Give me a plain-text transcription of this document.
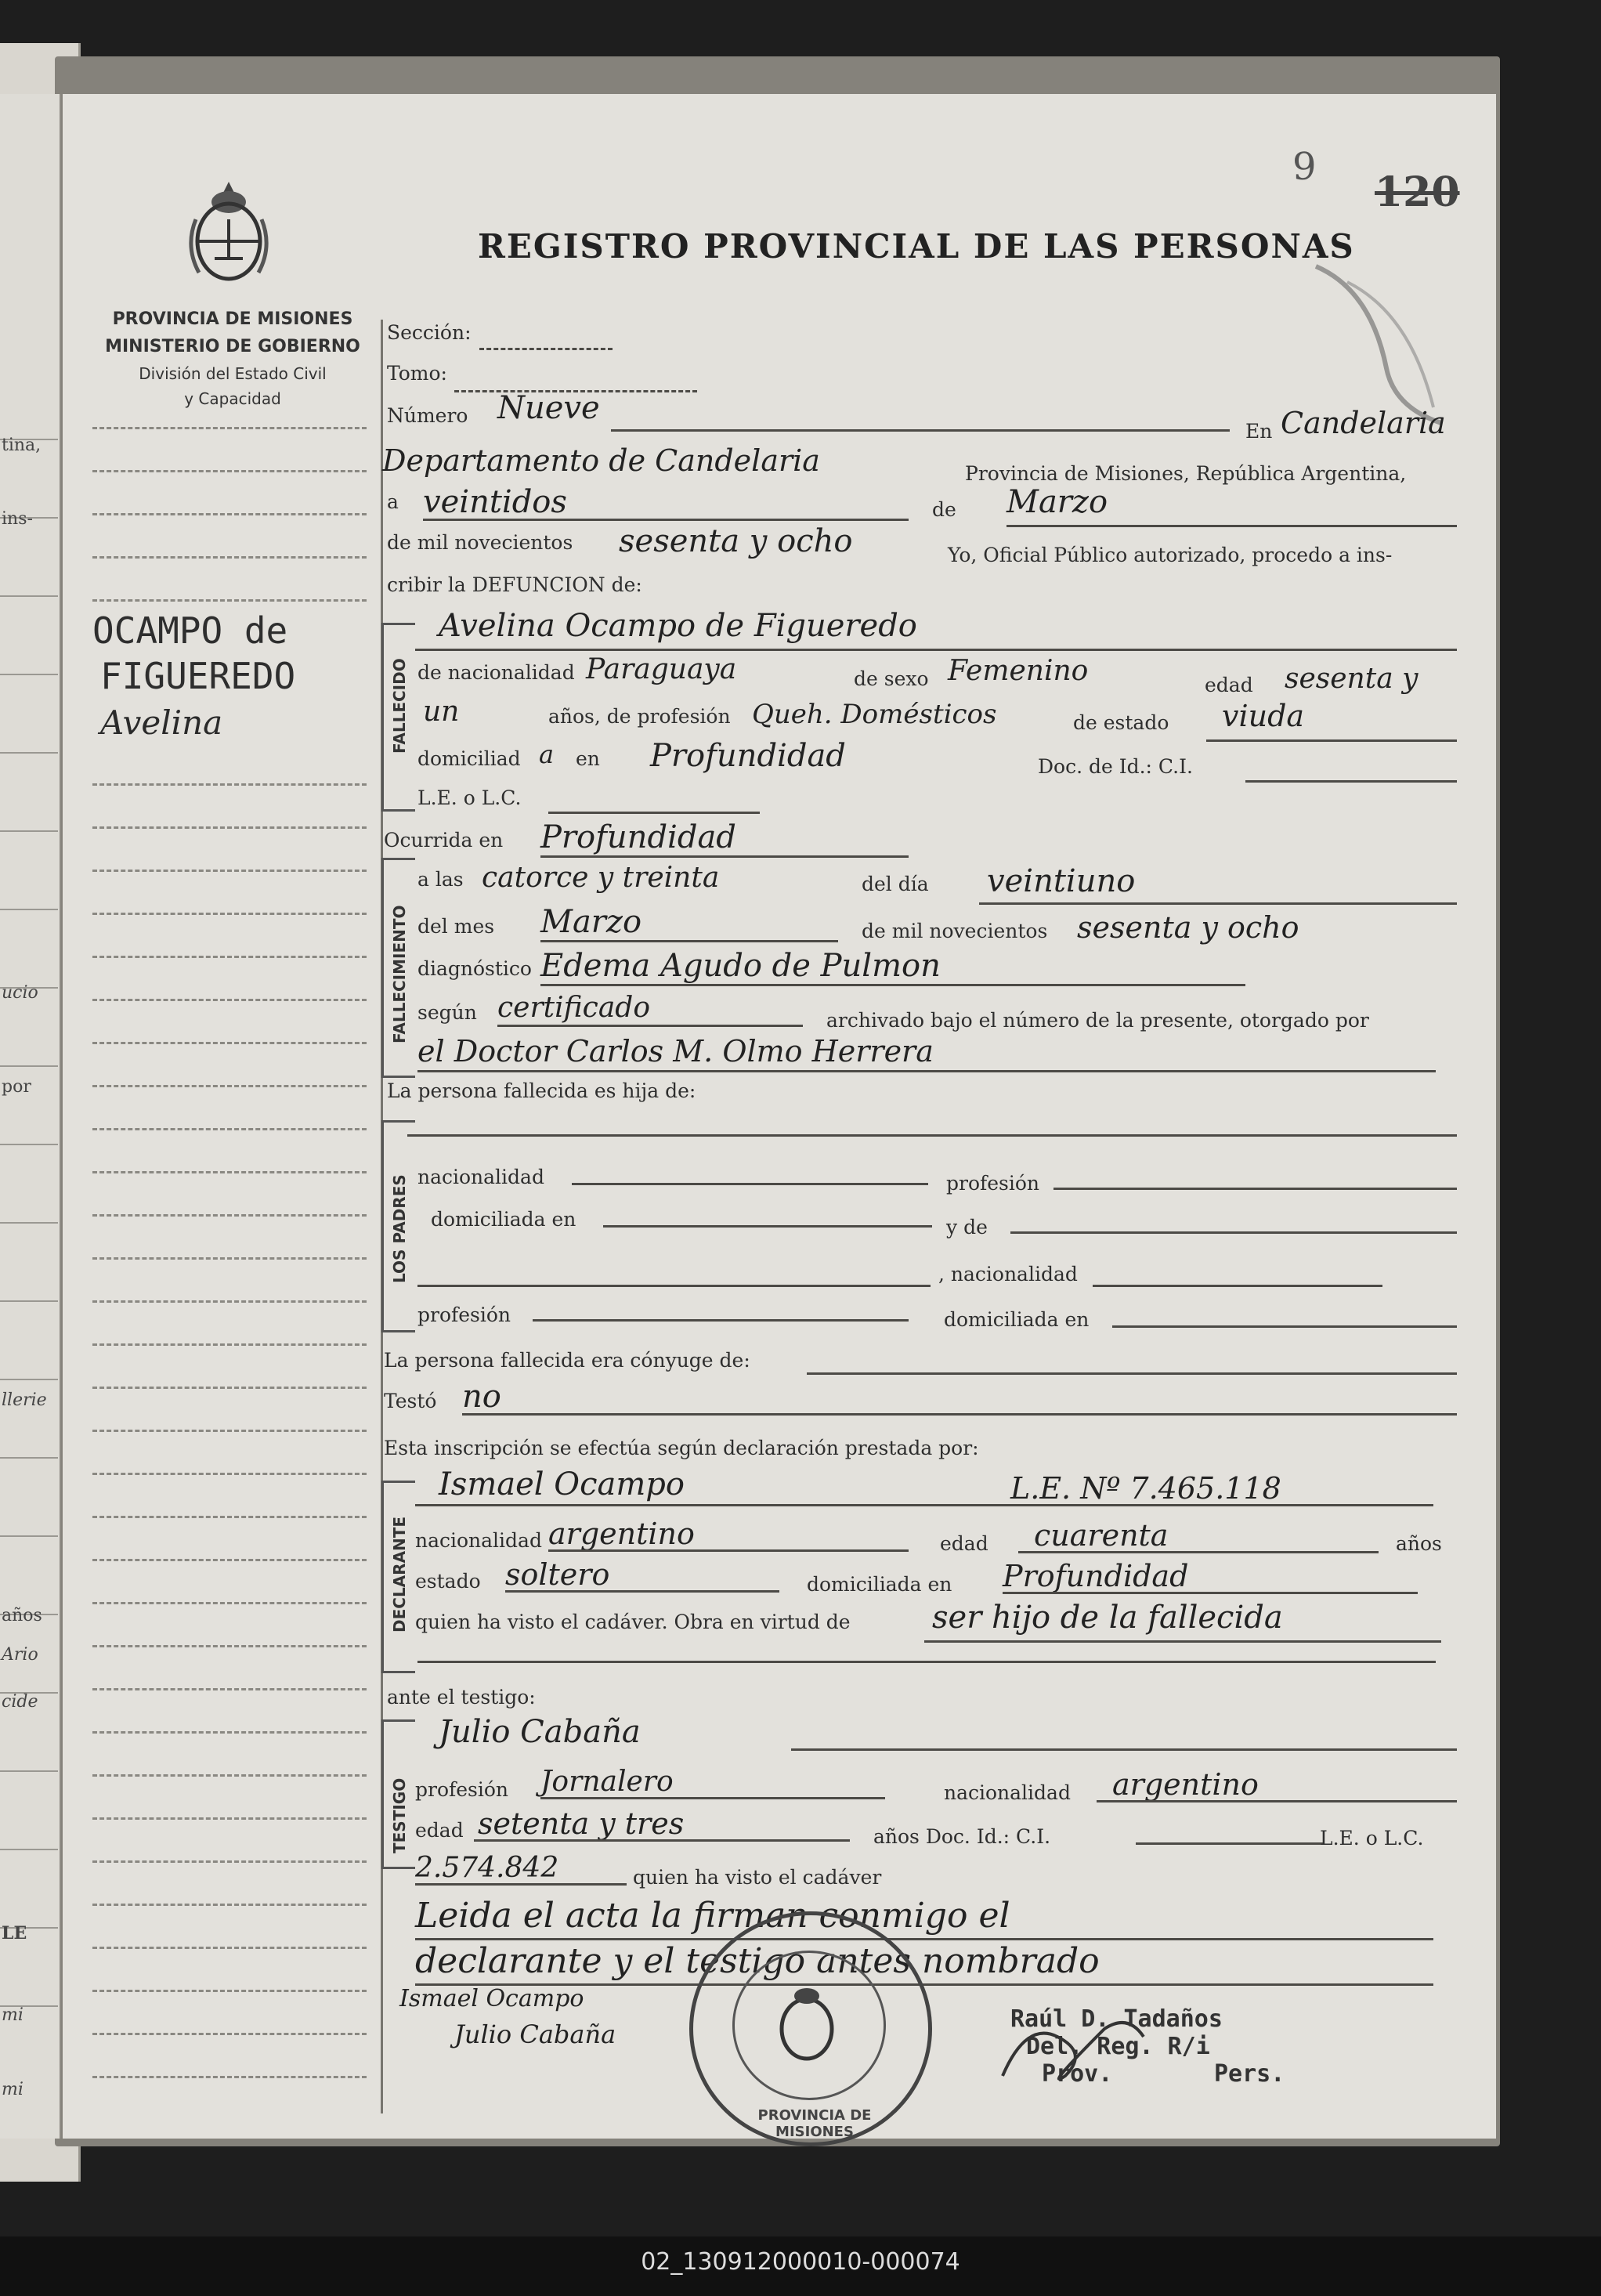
tina,
ins-
ucio
por
llerie
años
Ario
cide
LE
mi
mi
9
120
REGISTRO PROVINCIAL DE LAS PERSONAS
PROVINCIA DE MISIONES
MINISTERIO DE GOBIERNO
División del Estado Civil
y Capacidad
OCAMPO de
FIGUEREDO
Avelina
Sección:
Tomo:
Número Nueve
En Candelaria
Departamento de Candelaria	Provincia de Misiones, República Argentina,
a veintidos	de Marzo
de mil novecientos sesenta y ocho	Yo, Oficial Público autorizado, procedo a ins-
cribir la DEFUNCION de:
FALLECIDO
Avelina Ocampo de Figueredo
de nacionalidad Paraguaya	de sexo Femenino	edad sesenta y
un	años, de profesión Queh. Domésticos	de estado viuda
domiciliad a en Profundidad	Doc. de Id.: C.I.
L.E. o L.C.
Ocurrida en Profundidad
FALLECIMIENTO
a las catorce y treinta	del día veintiuno
del mes Marzo	de mil novecientos sesenta y ocho
diagnóstico Edema Agudo de Pulmon
según certificado	archivado bajo el número de la presente, otorgado por
el Doctor Carlos M. Olmo Herrera
La persona fallecida es hija de:
LOS PADRES nacionalidad	profesión
domiciliada en	y de
, nacionalidad
profesión	domiciliada en
La persona fallecida era cónyuge de:
Testó no
Esta inscripción se efectúa según declaración prestada por:
DECLARANTE
Ismael Ocampo	L.E. Nº 7.465.118
nacionalidad argentino	edad cuarenta	años
estado soltero	domiciliada en Profundidad
quien ha visto el cadáver. Obra en virtud de	ser hijo de la fallecida
ante el testigo:
TESTIGO
Julio Cabaña
profesión Jornalero	nacionalidad argentino
edad setenta y tres	años Doc. Id.: C.I.	L.E. o L.C.
2.574.842	quien ha visto el cadáver
Leida el acta la firman conmigo el
declarante y el testigo antes nombrado
Ismael Ocampo
Julio Cabaña
PROVINCIA DE MISIONES
Raúl D. Tadaños
Del. Reg. R/i
Prov.	Pers.
02_130912000010-000074
